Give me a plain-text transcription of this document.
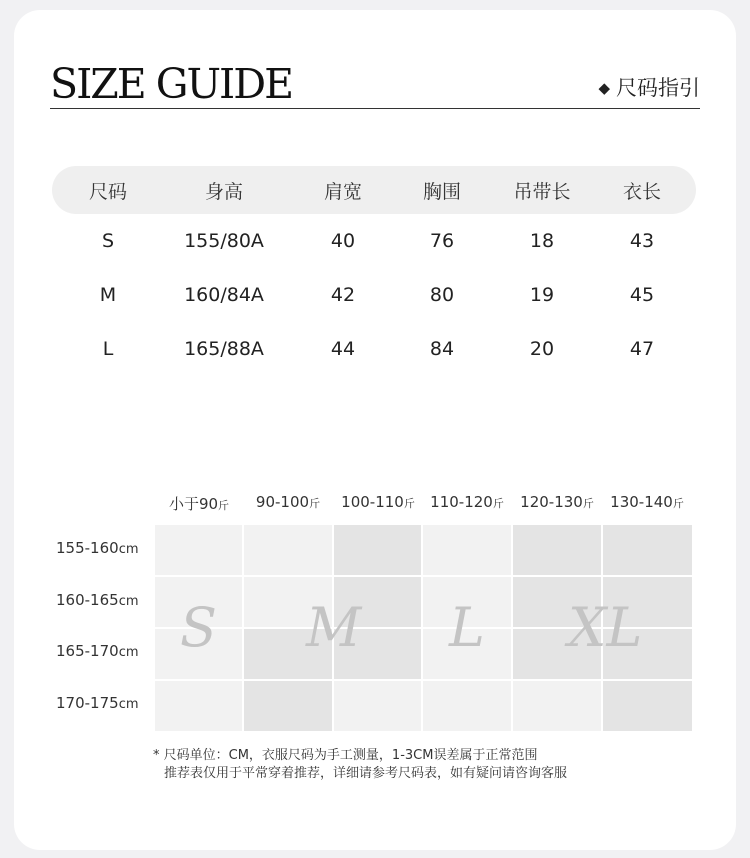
SIZE GUIDE	◆ 尺码指引
尺码	身高	肩宽	胸围	吊带长	衣长
S	155/80A	40	76	18	43
M	160/84A	42	80	19	45
L	165/88A	44	84	20	47
小于90斤	90-100斤	100-110斤	110-120斤	120-130斤	130-140斤
155-160cm
160-165cm
165-170cm
170-175cm
S M L XL
* 尺码单位：CM，衣服尺码为手工测量，1-3CM误差属于正常范围
推荐表仅用于平常穿着推荐，详细请参考尺码表，如有疑问请咨询客服
